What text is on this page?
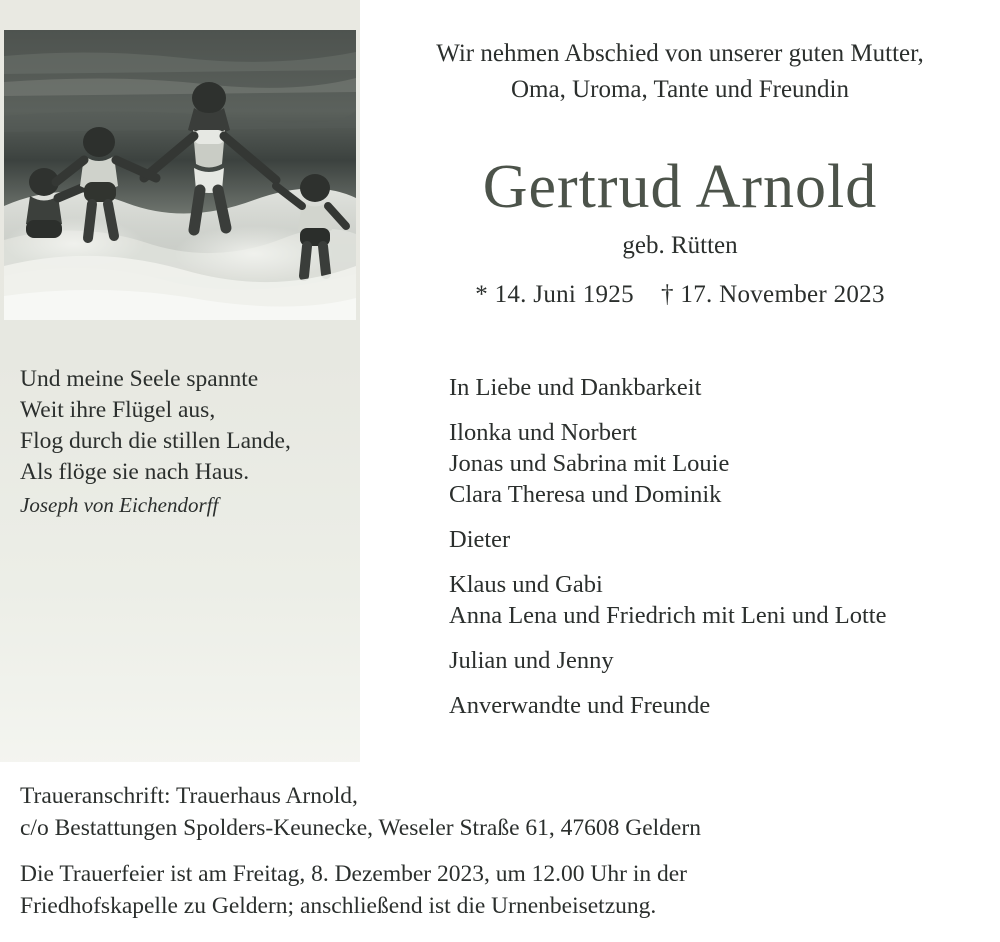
Und meine Seele spannte
Weit ihre Flügel aus,
Flog durch die stillen Lande,
Als flöge sie nach Haus.
Joseph von Eichendorff
Wir nehmen Abschied von unserer guten Mutter,
Oma, Uroma, Tante und Freundin
Gertrud Arnold
geb. Rütten
* 14. Juni 1925 † 17. November 2023
In Liebe und Dankbarkeit
Ilonka und Norbert
Jonas und Sabrina mit Louie
Clara Theresa und Dominik
Dieter
Klaus und Gabi
Anna Lena und Friedrich mit Leni und Lotte
Julian und Jenny
Anverwandte und Freunde
Traueranschrift: Trauerhaus Arnold,
c/o Bestattungen Spolders-Keunecke, Weseler Straße 61, 47608 Geldern
Die Trauerfeier ist am Freitag, 8. Dezember 2023, um 12.00 Uhr in der
Friedhofskapelle zu Geldern; anschließend ist die Urnenbeisetzung.
